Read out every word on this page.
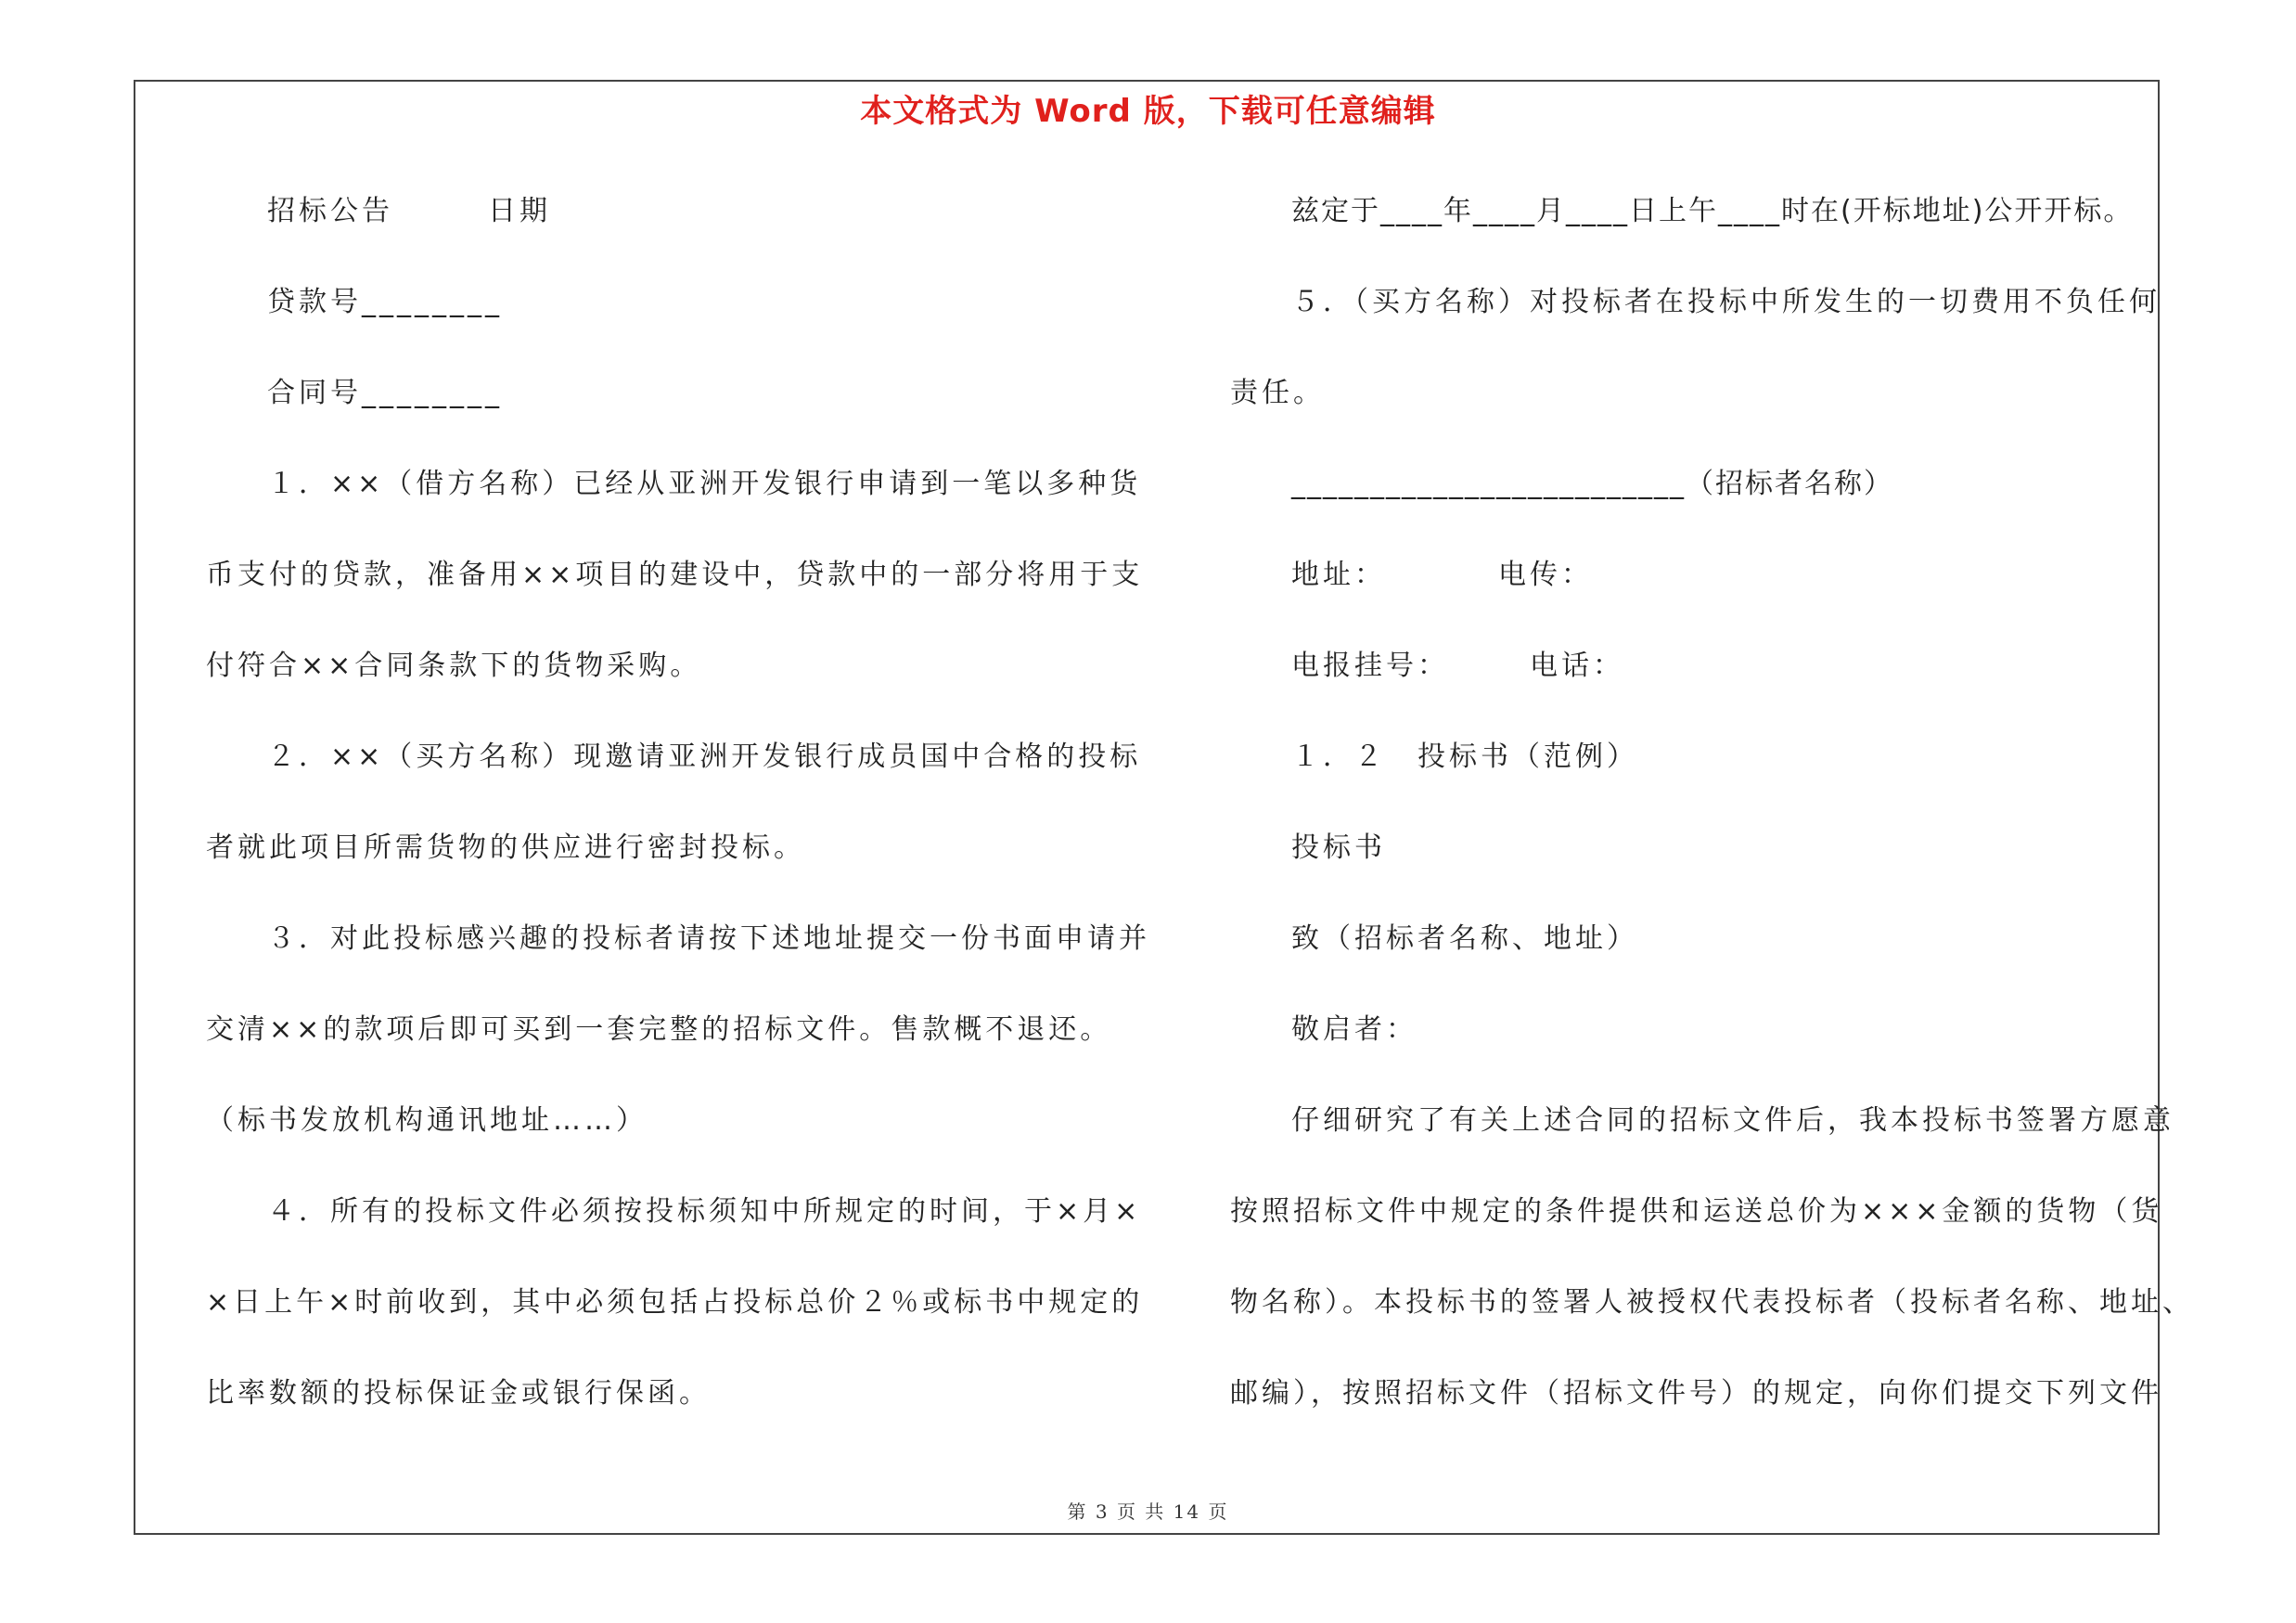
本文格式为 Word 版，下载可任意编辑
招标公告　　　日期
贷款号________
合同号________
１．××（借方名称）已经从亚洲开发银行申请到一笔以多种货
币支付的贷款，准备用××项目的建设中，贷款中的一部分将用于支
付符合××合同条款下的货物采购。
２．××（买方名称）现邀请亚洲开发银行成员国中合格的投标
者就此项目所需货物的供应进行密封投标。
３．对此投标感兴趣的投标者请按下述地址提交一份书面申请并
交清××的款项后即可买到一套完整的招标文件。售款概不退还。
（标书发放机构通讯地址……）
４．所有的投标文件必须按投标须知中所规定的时间，于×月×
×日上午×时前收到，其中必须包括占投标总价２％或标书中规定的
比率数额的投标保证金或银行保函。
兹定于____年____月____日上午____时在(开标地址)公开开标。
５．（买方名称）对投标者在投标中所发生的一切费用不负任何
责任。
_________________________（招标者名称）
地址：　　　　电传：
电报挂号：　　　电话：
１．２　投标书（范例）
投标书
致（招标者名称、地址）
敬启者：
仔细研究了有关上述合同的招标文件后，我本投标书签署方愿意
按照招标文件中规定的条件提供和运送总价为×××金额的货物（货
物名称）。本投标书的签署人被授权代表投标者（投标者名称、地址、
邮编），按照招标文件（招标文件号）的规定，向你们提交下列文件
第 3 页 共 14 页
